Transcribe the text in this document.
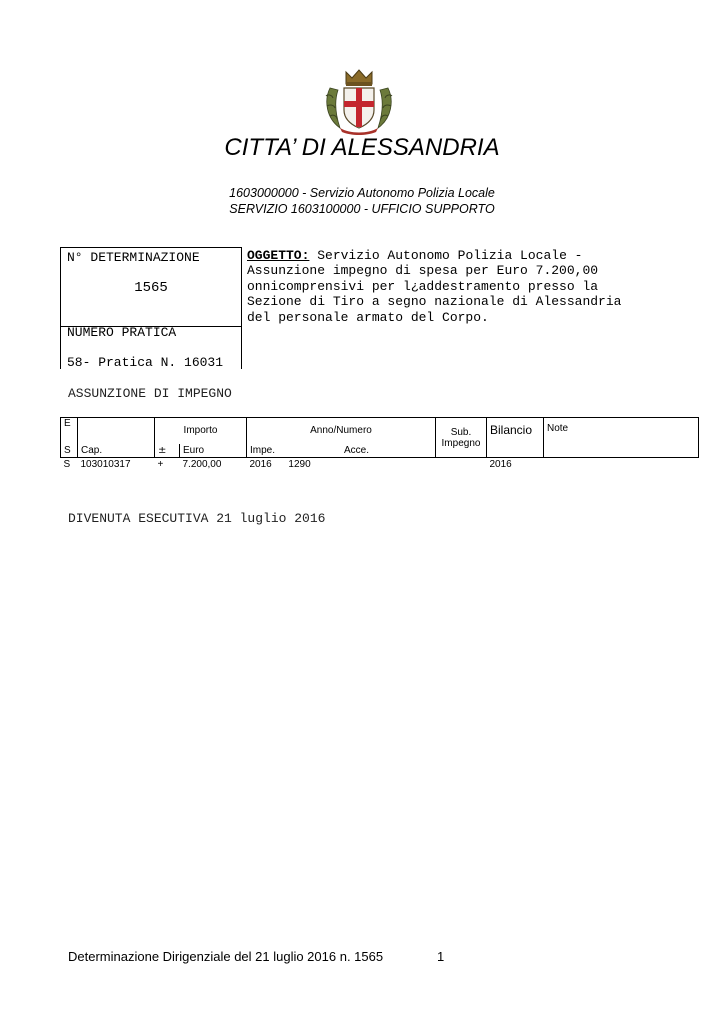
CITTA’ DI ALESSANDRIA
1603000000 - Servizio Autonomo Polizia Locale
SERVIZIO 1603100000 - UFFICIO SUPPORTO
N° DETERMINAZIONE
1565
NUMERO PRATICA
58- Pratica N. 16031
OGGETTO: Servizio Autonomo Polizia Locale -
Assunzione impegno di spesa per Euro 7.200,00
onnicomprensivi per l¿addestramento presso la
Sezione di Tiro a segno nazionale di Alessandria
del personale armato del Corpo.
ASSUNZIONE DI IMPEGNO
E		Importo		Anno/Numero		Sub. Impegno	Bilancio	Note
S	Cap.	±	Euro	Impe.	Acce.			
S	103010317	+	7.200,00	2016 1290			2016	
DIVENUTA ESECUTIVA 21 luglio 2016
Determinazione Dirigenziale del 21 luglio 2016 n. 1565	1
